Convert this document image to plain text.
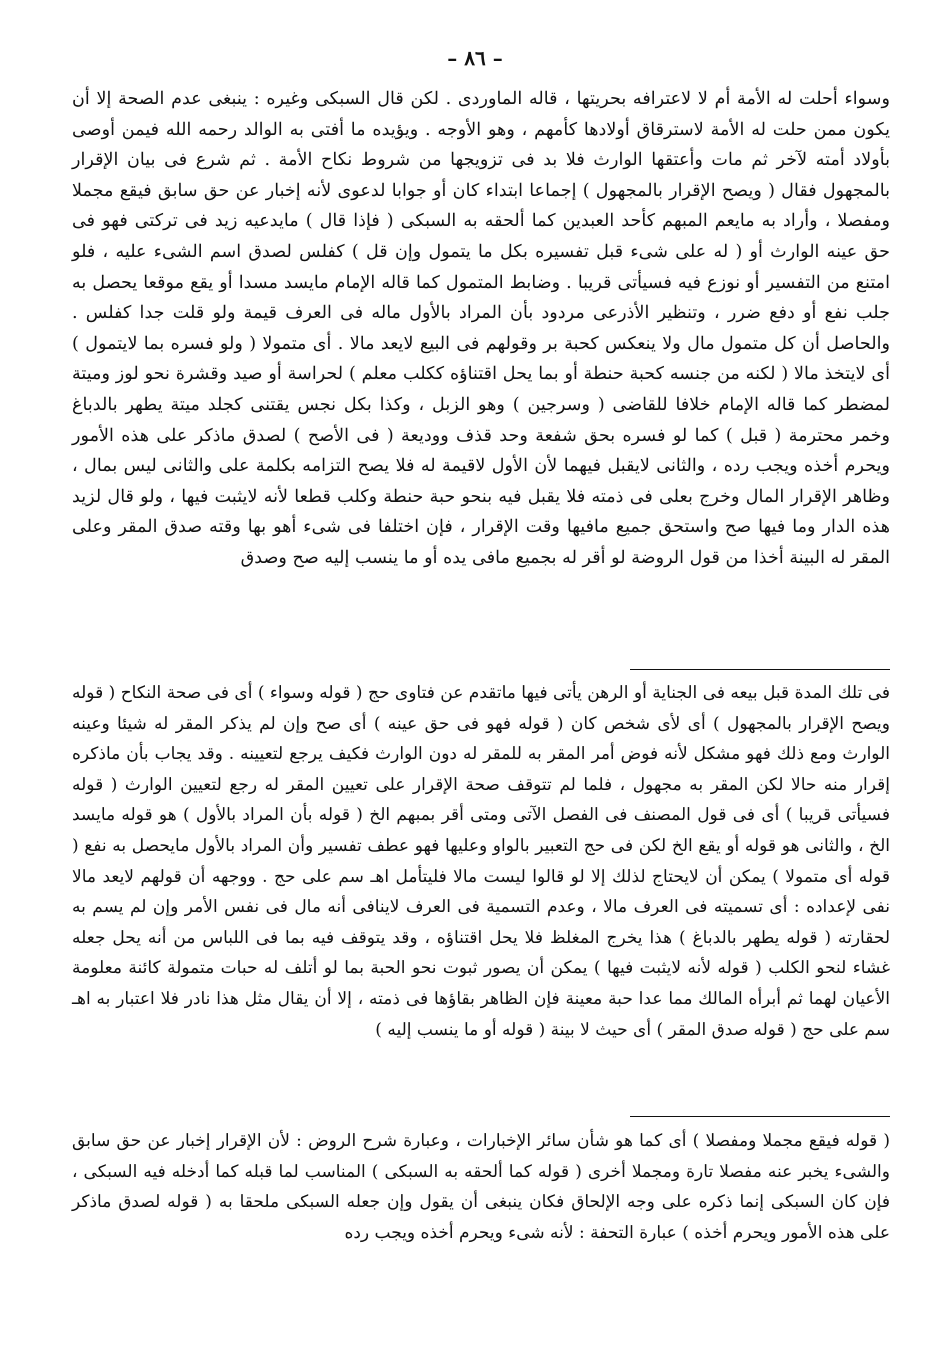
– ٨٦ –

وسواء أحلت له الأمة أم لا لاعترافه بحريتها ، قاله الماوردى . لكن قال السبكى وغيره : ينبغى عدم الصحة إلا أن يكون ممن حلت له الأمة لاسترقاق أولادها كأمهم ، وهو الأوجه . ويؤيده ما أفتى به الوالد رحمه الله فيمن أوصى بأولاد أمته لآخر ثم مات وأعتقها الوارث فلا بد فى تزويجها من شروط نكاح الأمة . ثم شرع فى بيان الإقرار بالمجهول فقال ( ويصح الإقرار بالمجهول ) إجماعا ابتداء كان أو جوابا لدعوى لأنه إخبار عن حق سابق فيقع مجملا ومفصلا ، وأراد به مايعم المبهم كأحد العبدين كما ألحقه به السبكى ( فإذا قال ) مايدعيه زيد فى تركتى فهو فى حق عينه الوارث أو ( له على شىء قبل تفسيره بكل ما يتمول وإن قل ) كفلس لصدق اسم الشىء عليه ، فلو امتنع من التفسير أو نوزع فيه فسيأتى قريبا . وضابط المتمول كما قاله الإمام مايسد مسدا أو يقع موقعا يحصل به جلب نفع أو دفع ضرر ، وتنظير الأذرعى مردود بأن المراد بالأول ماله فى العرف قيمة ولو قلت جدا كفلس . والحاصل أن كل متمول مال ولا ينعكس كحبة بر وقولهم فى البيع لايعد مالا . أى متمولا ( ولو فسره بما لايتمول ) أى لايتخذ مالا ( لكنه من جنسه كحبة حنطة أو بما يحل اقتناؤه ككلب معلم ) لحراسة أو صيد وقشرة نحو لوز وميتة لمضطر كما قاله الإمام خلافا للقاضى ( وسرجين ) وهو الزبل ، وكذا بكل نجس يقتنى كجلد ميتة يطهر بالدباغ وخمر محترمة ( قبل ) كما لو فسره بحق شفعة وحد قذف ووديعة ( فى الأصح ) لصدق ماذكر على هذه الأمور ويحرم أخذه ويجب رده ، والثانى لايقبل فيهما لأن الأول لاقيمة له فلا يصح التزامه بكلمة على والثانى ليس بمال ، وظاهر الإقرار المال وخرج بعلى فى ذمته فلا يقبل فيه بنحو حبة حنطة وكلب قطعا لأنه لايثبت فيها ، ولو قال لزيد هذه الدار وما فيها صح واستحق جميع مافيها وقت الإقرار ، فإن اختلفا فى شىء أهو بها وقته صدق المقر وعلى المقر له البينة أخذا من قول الروضة لو أقر له بجميع مافى يده أو ما ينسب إليه صح وصدق

فى تلك المدة قبل بيعه فى الجناية أو الرهن يأتى فيها ماتقدم عن فتاوى حج ( قوله وسواء ) أى فى صحة النكاح ( قوله ويصح الإقرار بالمجهول ) أى لأى شخص كان ( قوله فهو فى حق عينه ) أى صح وإن لم يذكر المقر له شيئا وعينه الوارث ومع ذلك فهو مشكل لأنه فوض أمر المقر به للمقر له دون الوارث فكيف يرجع لتعيينه . وقد يجاب بأن ماذكره إقرار منه حالا لكن المقر به مجهول ، فلما لم تتوقف صحة الإقرار على تعيين المقر له رجع لتعيين الوارث ( قوله فسيأتى قريبا ) أى فى قول المصنف فى الفصل الآتى ومتى أقر بمبهم الخ ( قوله بأن المراد بالأول ) هو قوله مايسد الخ ، والثانى هو قوله أو يقع الخ لكن فى حج التعبير بالواو وعليها فهو عطف تفسير وأن المراد بالأول مايحصل به نفع ( قوله أى متمولا ) يمكن أن لايحتاج لذلك إلا لو قالوا ليست مالا فليتأمل اهـ سم على حج . ووجهه أن قولهم لايعد مالا نفى لإعداده : أى تسميته فى العرف مالا ، وعدم التسمية فى العرف لاينافى أنه مال فى نفس الأمر وإن لم يسم به لحقارته ( قوله يطهر بالدباغ ) هذا يخرج المغلظ فلا يحل اقتناؤه ، وقد يتوقف فيه بما فى اللباس من أنه يحل جعله غشاء لنحو الكلب ( قوله لأنه لايثبت فيها ) يمكن أن يصور ثبوت نحو الحبة بما لو أتلف له حبات متمولة كائنة معلومة الأعيان لهما ثم أبرأه المالك مما عدا حبة معينة فإن الظاهر بقاؤها فى ذمته ، إلا أن يقال مثل هذا نادر فلا اعتبار به اهـ سم على حج ( قوله صدق المقر ) أى حيث لا بينة ( قوله أو ما ينسب إليه )

( قوله فيقع مجملا ومفصلا ) أى كما هو شأن سائر الإخبارات ، وعبارة شرح الروض : لأن الإقرار إخبار عن حق سابق والشىء يخبر عنه مفصلا تارة ومجملا أخرى ( قوله كما ألحقه به السبكى ) المناسب لما قبله كما أدخله فيه السبكى ، فإن كان السبكى إنما ذكره على وجه الإلحاق فكان ينبغى أن يقول وإن جعله السبكى ملحقا به ( قوله لصدق ماذكر على هذه الأمور ويحرم أخذه ) عبارة التحفة : لأنه شىء ويحرم أخذه ويجب رده
